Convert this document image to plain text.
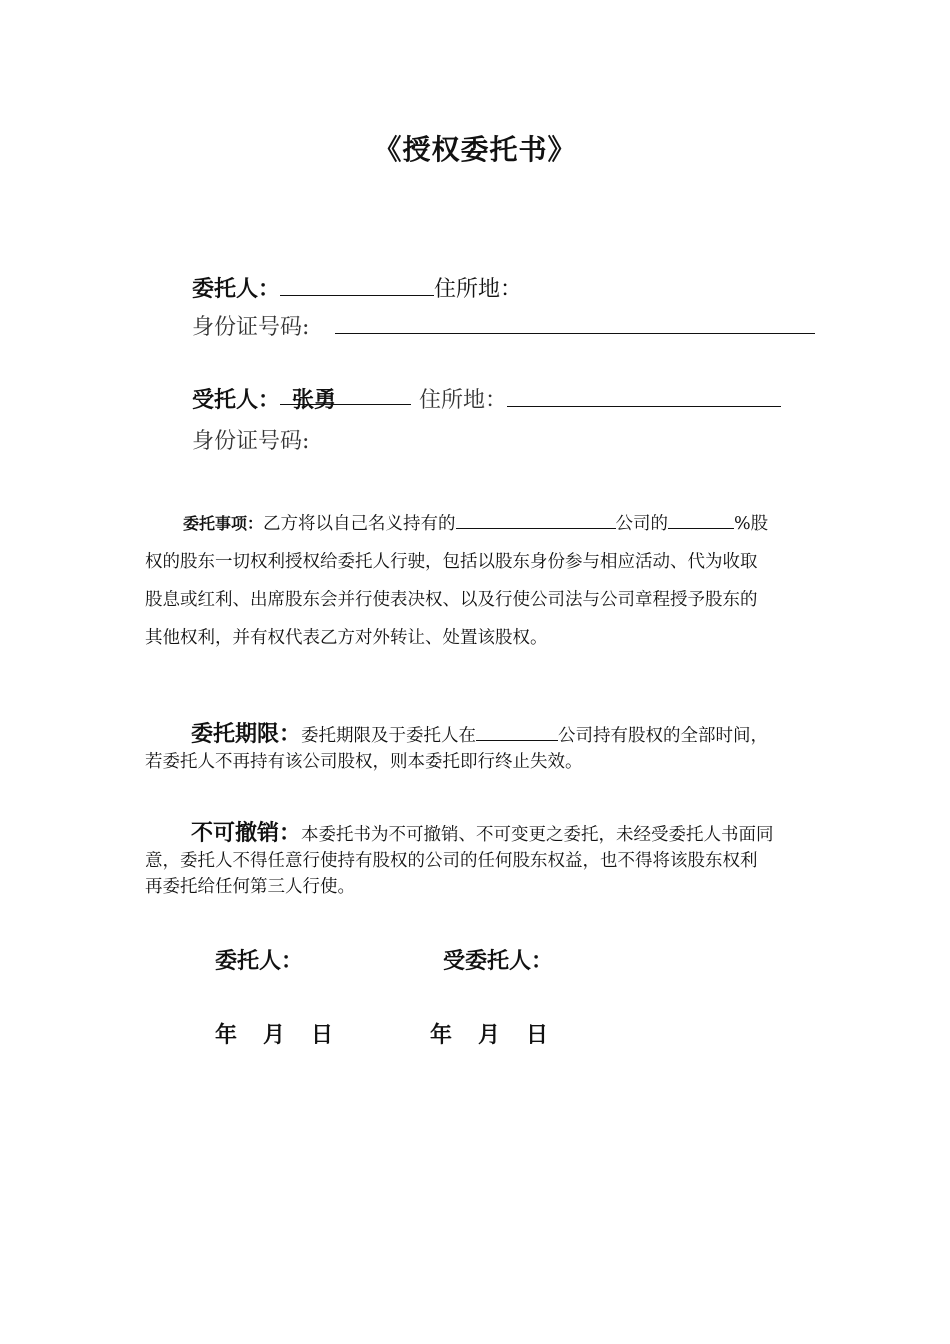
《授权委托书》
委托人：	住所地：
身份证号码:
受托人： 张勇	住所地：
身份证号码:
委托事项：乙方将以自己名义持有的	公司的	%股
权的股东一切权利授权给委托人行驶，包括以股东身份参与相应活动、代为收取
股息或红利、出席股东会并行使表决权、以及行使公司法与公司章程授予股东的
其他权利，并有权代表乙方对外转让、处置该股权。
委托期限：委托期限及于委托人在	公司持有股权的全部时间，
若委托人不再持有该公司股权，则本委托即行终止失效。
不可撤销：本委托书为不可撤销、不可变更之委托，未经受委托人书面同
意，委托人不得任意行使持有股权的公司的任何股东权益，也不得将该股东权利
再委托给任何第三人行使。
委托人：	受委托人：
年 月 日	年 月 日
